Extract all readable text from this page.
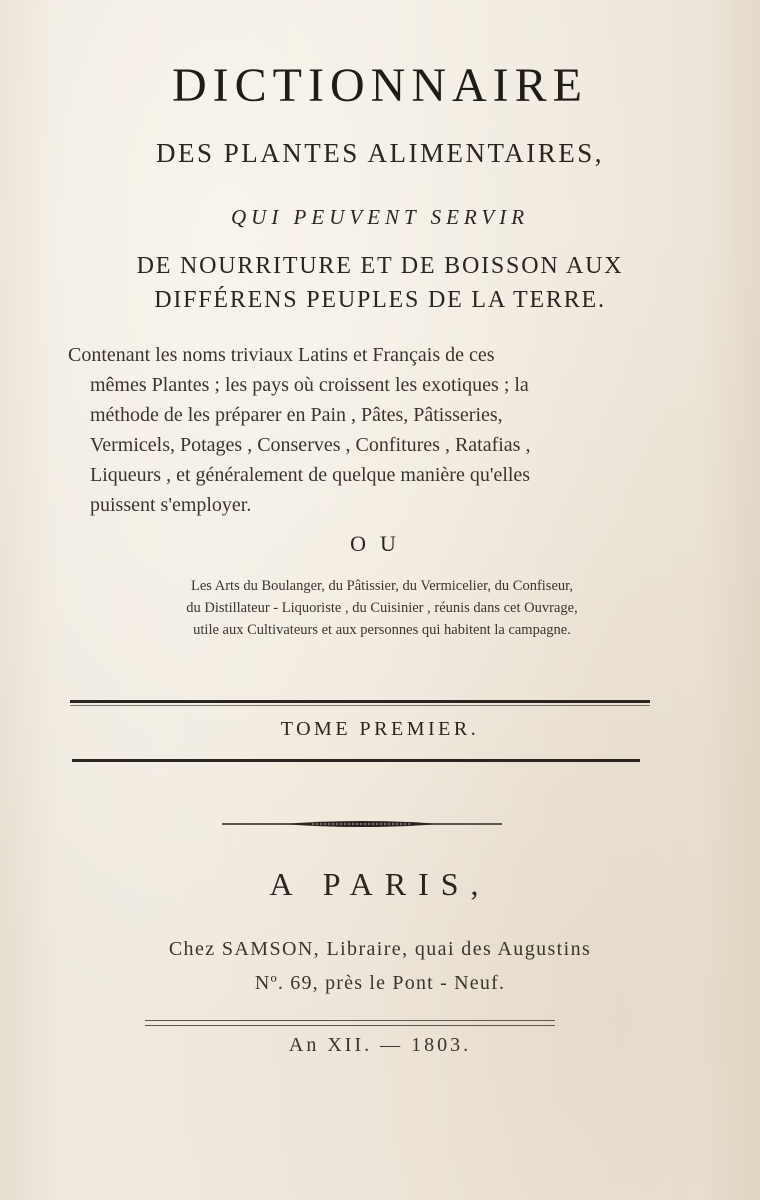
DICTIONNAIRE
DES PLANTES ALIMENTAIRES,
QUI PEUVENT SERVIR
DE NOURRITURE ET DE BOISSON AUX
DIFFÉRENS PEUPLES DE LA TERRE.
Contenant les noms triviaux Latins et Français de ces
mêmes Plantes ; les pays où croissent les exotiques ; la
méthode de les préparer en Pain , Pâtes, Pâtisseries,
Vermicels, Potages , Conserves , Confitures , Ratafias ,
Liqueurs , et généralement de quelque manière qu'elles
puissent s'employer.
OU
Les Arts du Boulanger, du Pâtissier, du Vermicelier, du Confiseur,
du Distillateur - Liquoriste , du Cuisinier , réunis dans cet Ouvrage,
utile aux Cultivateurs et aux personnes qui habitent la campagne.
TOME PREMIER.
A PARIS,
Chez SAMSON, Libraire, quai des Augustins
Nº. 69, près le Pont - Neuf.
An XII. — 1803.
